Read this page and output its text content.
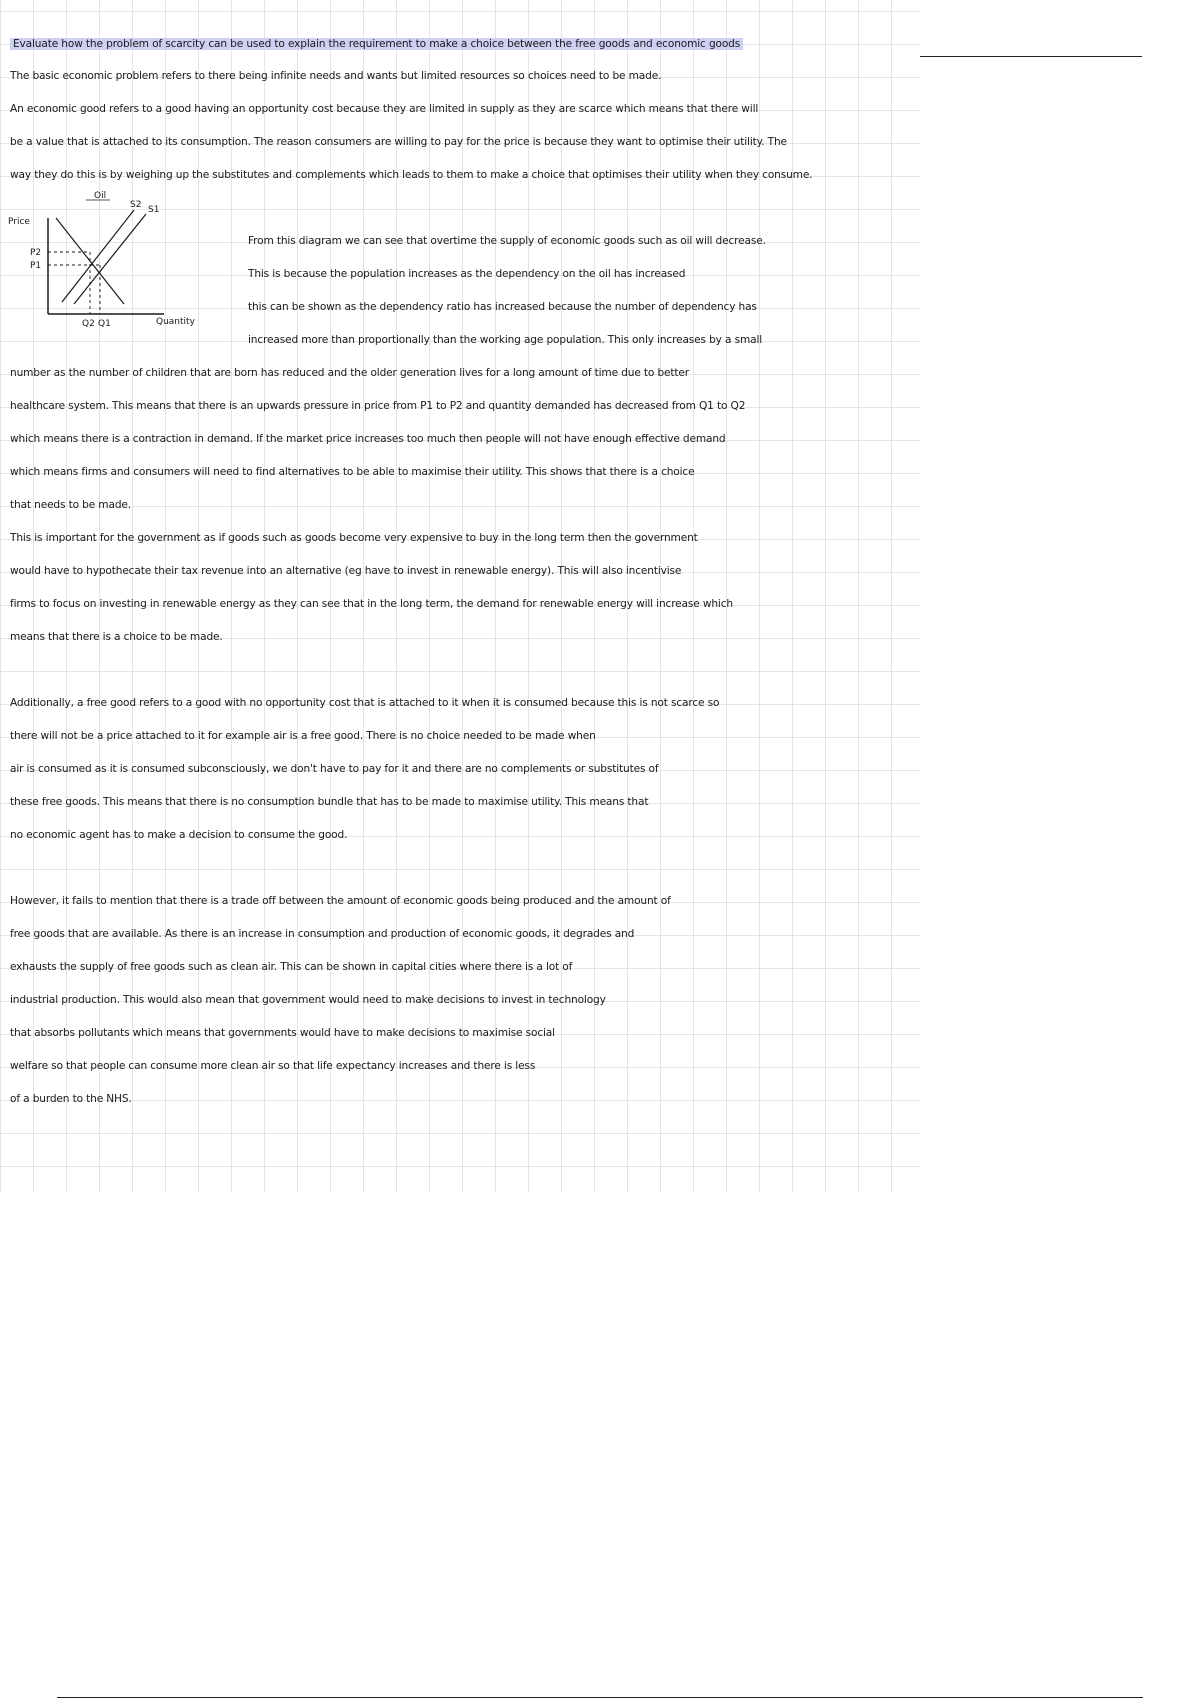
Evaluate how the problem of scarcity can be used to explain the requirement to make a choice between the free goods and economic goods
Oil
Price
Quantity
S2 S1
P2
P1
Q2 Q1
The basic economic problem refers to there being infinite needs and wants but limited resources so choices need to be made.
An economic good refers to a good having an opportunity cost because they are limited in supply as they are scarce which means that there will
be a value that is attached to its consumption. The reason consumers are willing to pay for the price is because they want to optimise their utility. The
way they do this is by weighing up the substitutes and complements which leads to them to make a choice that optimises their utility when they consume.
From this diagram we can see that overtime the supply of economic goods such as oil will decrease.
This is because the population increases as the dependency on the oil has increased
this can be shown as the dependency ratio has increased because the number of dependency has
increased more than proportionally than the working age population. This only increases by a small
number as the number of children that are born has reduced and the older generation lives for a long amount of time due to better
healthcare system. This means that there is an upwards pressure in price from P1 to P2 and quantity demanded has decreased from Q1 to Q2
which means there is a contraction in demand. If the market price increases too much then people will not have enough effective demand
which means firms and consumers will need to find alternatives to be able to maximise their utility. This shows that there is a choice
that needs to be made.
This is important for the government as if goods such as goods become very expensive to buy in the long term then the government
would have to hypothecate their tax revenue into an alternative (eg have to invest in renewable energy). This will also incentivise
firms to focus on investing in renewable energy as they can see that in the long term, the demand for renewable energy will increase which
means that there is a choice to be made.
Additionally, a free good refers to a good with no opportunity cost that is attached to it when it is consumed because this is not scarce so
there will not be a price attached to it for example air is a free good. There is no choice needed to be made when
air is consumed as it is consumed subconsciously, we don't have to pay for it and there are no complements or substitutes of
these free goods. This means that there is no consumption bundle that has to be made to maximise utility. This means that
no economic agent has to make a decision to consume the good.
However, it fails to mention that there is a trade off between the amount of economic goods being produced and the amount of
free goods that are available. As there is an increase in consumption and production of economic goods, it degrades and
exhausts the supply of free goods such as clean air. This can be shown in capital cities where there is a lot of
industrial production. This would also mean that government would need to make decisions to invest in technology
that absorbs pollutants which means that governments would have to make decisions to maximise social
welfare so that people can consume more clean air so that life expectancy increases and there is less
of a burden to the NHS.
